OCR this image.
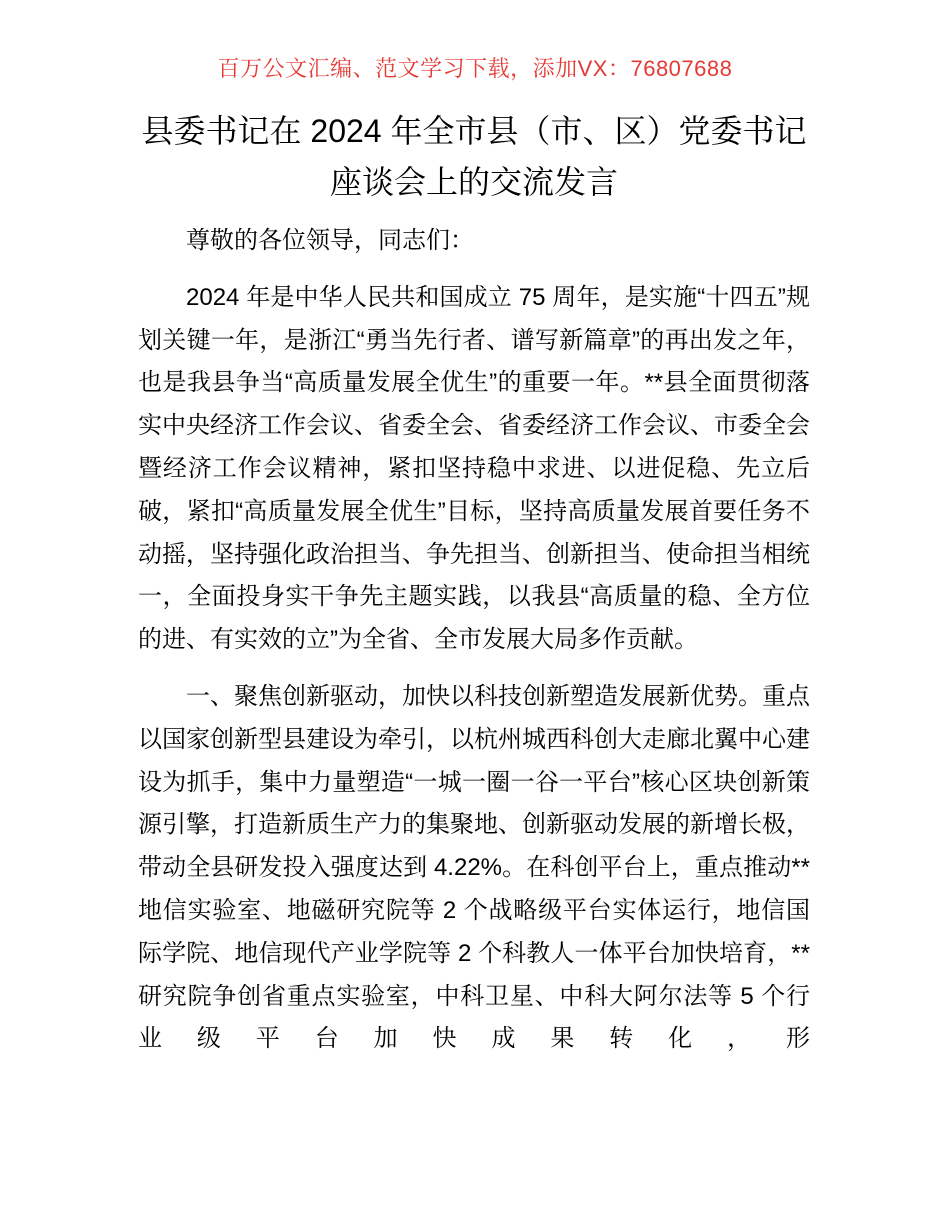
百万公文汇编、范文学习下载，添加VX：76807688
县委书记在 2024 年全市县（市、区）党委书记座谈会上的交流发言

尊敬的各位领导，同志们：

2024 年是中华人民共和国成立 75 周年，是实施“十四五”规划关键一年，是浙江“勇当先行者、谱写新篇章”的再出发之年，也是我县争当“高质量发展全优生”的重要一年。**县全面贯彻落实中央经济工作会议、省委全会、省委经济工作会议、市委全会暨经济工作会议精神，紧扣坚持稳中求进、以进促稳、先立后破，紧扣“高质量发展全优生”目标，坚持高质量发展首要任务不动摇，坚持强化政治担当、争先担当、创新担当、使命担当相统一，全面投身实干争先主题实践，以我县“高质量的稳、全方位的进、有实效的立”为全省、全市发展大局多作贡献。

一、聚焦创新驱动，加快以科技创新塑造发展新优势。重点以国家创新型县建设为牵引，以杭州城西科创大走廊北翼中心建设为抓手，集中力量塑造“一城一圈一谷一平台”核心区块创新策源引擎，打造新质生产力的集聚地、创新驱动发展的新增长极，带动全县研发投入强度达到 4.22%。在科创平台上，重点推动**地信实验室、地磁研究院等 2 个战略级平台实体运行，地信国际学院、地信现代产业学院等 2 个科教人一体平台加快培育，**研究院争创省重点实验室，中科卫星、中科大阿尔法等 5 个行业级平台加快成果转化，形
